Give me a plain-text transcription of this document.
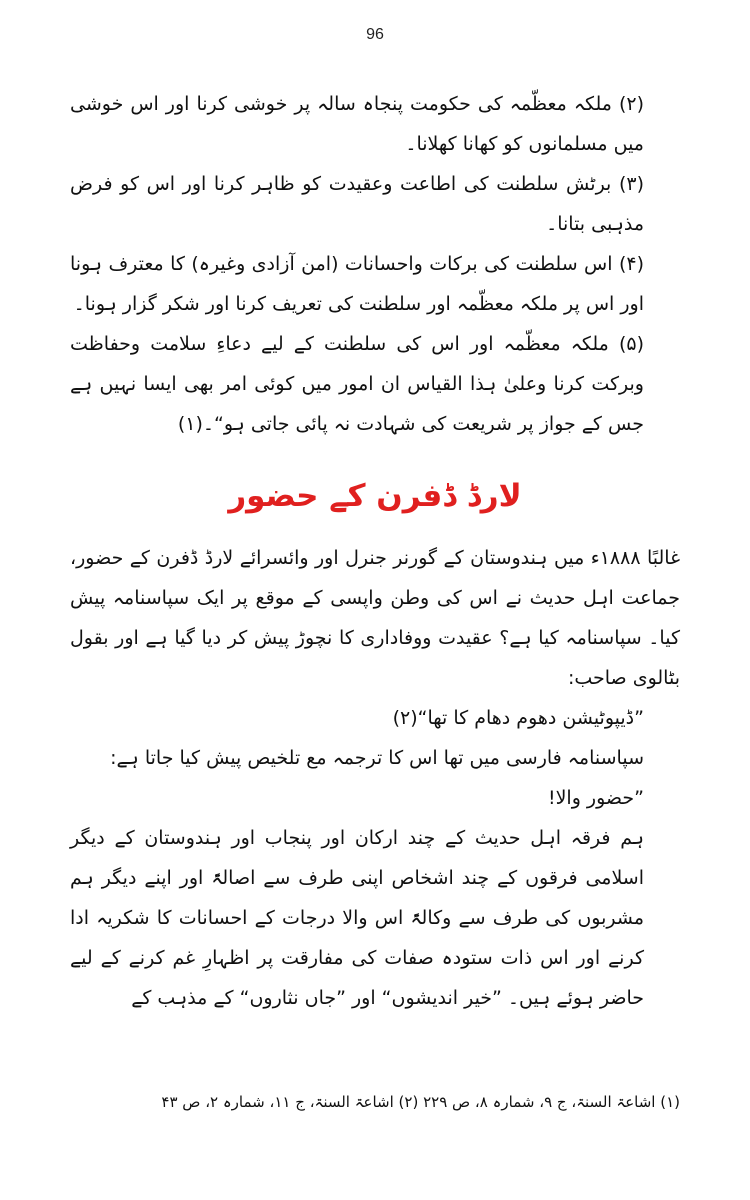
96

(۲) ملکہ معظّمہ کی حکومت پنجاہ سالہ پر خوشی کرنا اور اس خوشی میں مسلمانوں کو کھانا کھلانا۔

(۳) برٹش سلطنت کی اطاعت وعقیدت کو ظاہر کرنا اور اس کو فرض مذہبی بتانا۔

(۴) اس سلطنت کی برکات واحسانات (امن آزادی وغیرہ) کا معترف ہونا اور اس پر ملکہ معظّمہ اور سلطنت کی تعریف کرنا اور شکر گزار ہونا۔

(۵) ملکہ معظّمہ اور اس کی سلطنت کے لیے دعاءِ سلامت وحفاظت وبرکت کرنا وعلیٰ ہذا القیاس ان امور میں کوئی امر بھی ایسا نہیں ہے جس کے جواز پر شریعت کی شہادت نہ پائی جاتی ہو“۔(۱)

لارڈ ڈفرن کے حضور

غالبًا ۱۸۸۸ء میں ہندوستان کے گورنر جنرل اور وائسرائے لارڈ ڈفرن کے حضور، جماعت اہل حدیث نے اس کی وطن واپسی کے موقع پر ایک سپاسنامہ پیش کیا۔ سپاسنامہ کیا ہے؟ عقیدت ووفاداری کا نچوڑ پیش کر دیا گیا ہے اور بقول بٹالوی صاحب:

”ڈیپوٹیشن دھوم دھام کا تھا“(۲)

سپاسنامہ فارسی میں تھا اس کا ترجمہ مع تلخیص پیش کیا جاتا ہے:

”حضور والا!

ہم فرقہ اہل حدیث کے چند ارکان اور پنجاب اور ہندوستان کے دیگر اسلامی فرقوں کے چند اشخاص اپنی طرف سے اصالۃً اور اپنے دیگر ہم مشربوں کی طرف سے وکالۃً اس والا درجات کے احسانات کا شکریہ ادا کرنے اور اس ذات ستودہ صفات کی مفارقت پر اظہارِ غم کرنے کے لیے حاضر ہوئے ہیں۔ ”خیر اندیشوں“ اور ”جاں نثاروں“ کے مذہب کے

(۱) اشاعۃ السنۃ، ج ۹، شمارہ ۸، ص ۲۲۹ (۲) اشاعۃ السنۃ، ج ۱۱، شمارہ ۲، ص ۴۳
